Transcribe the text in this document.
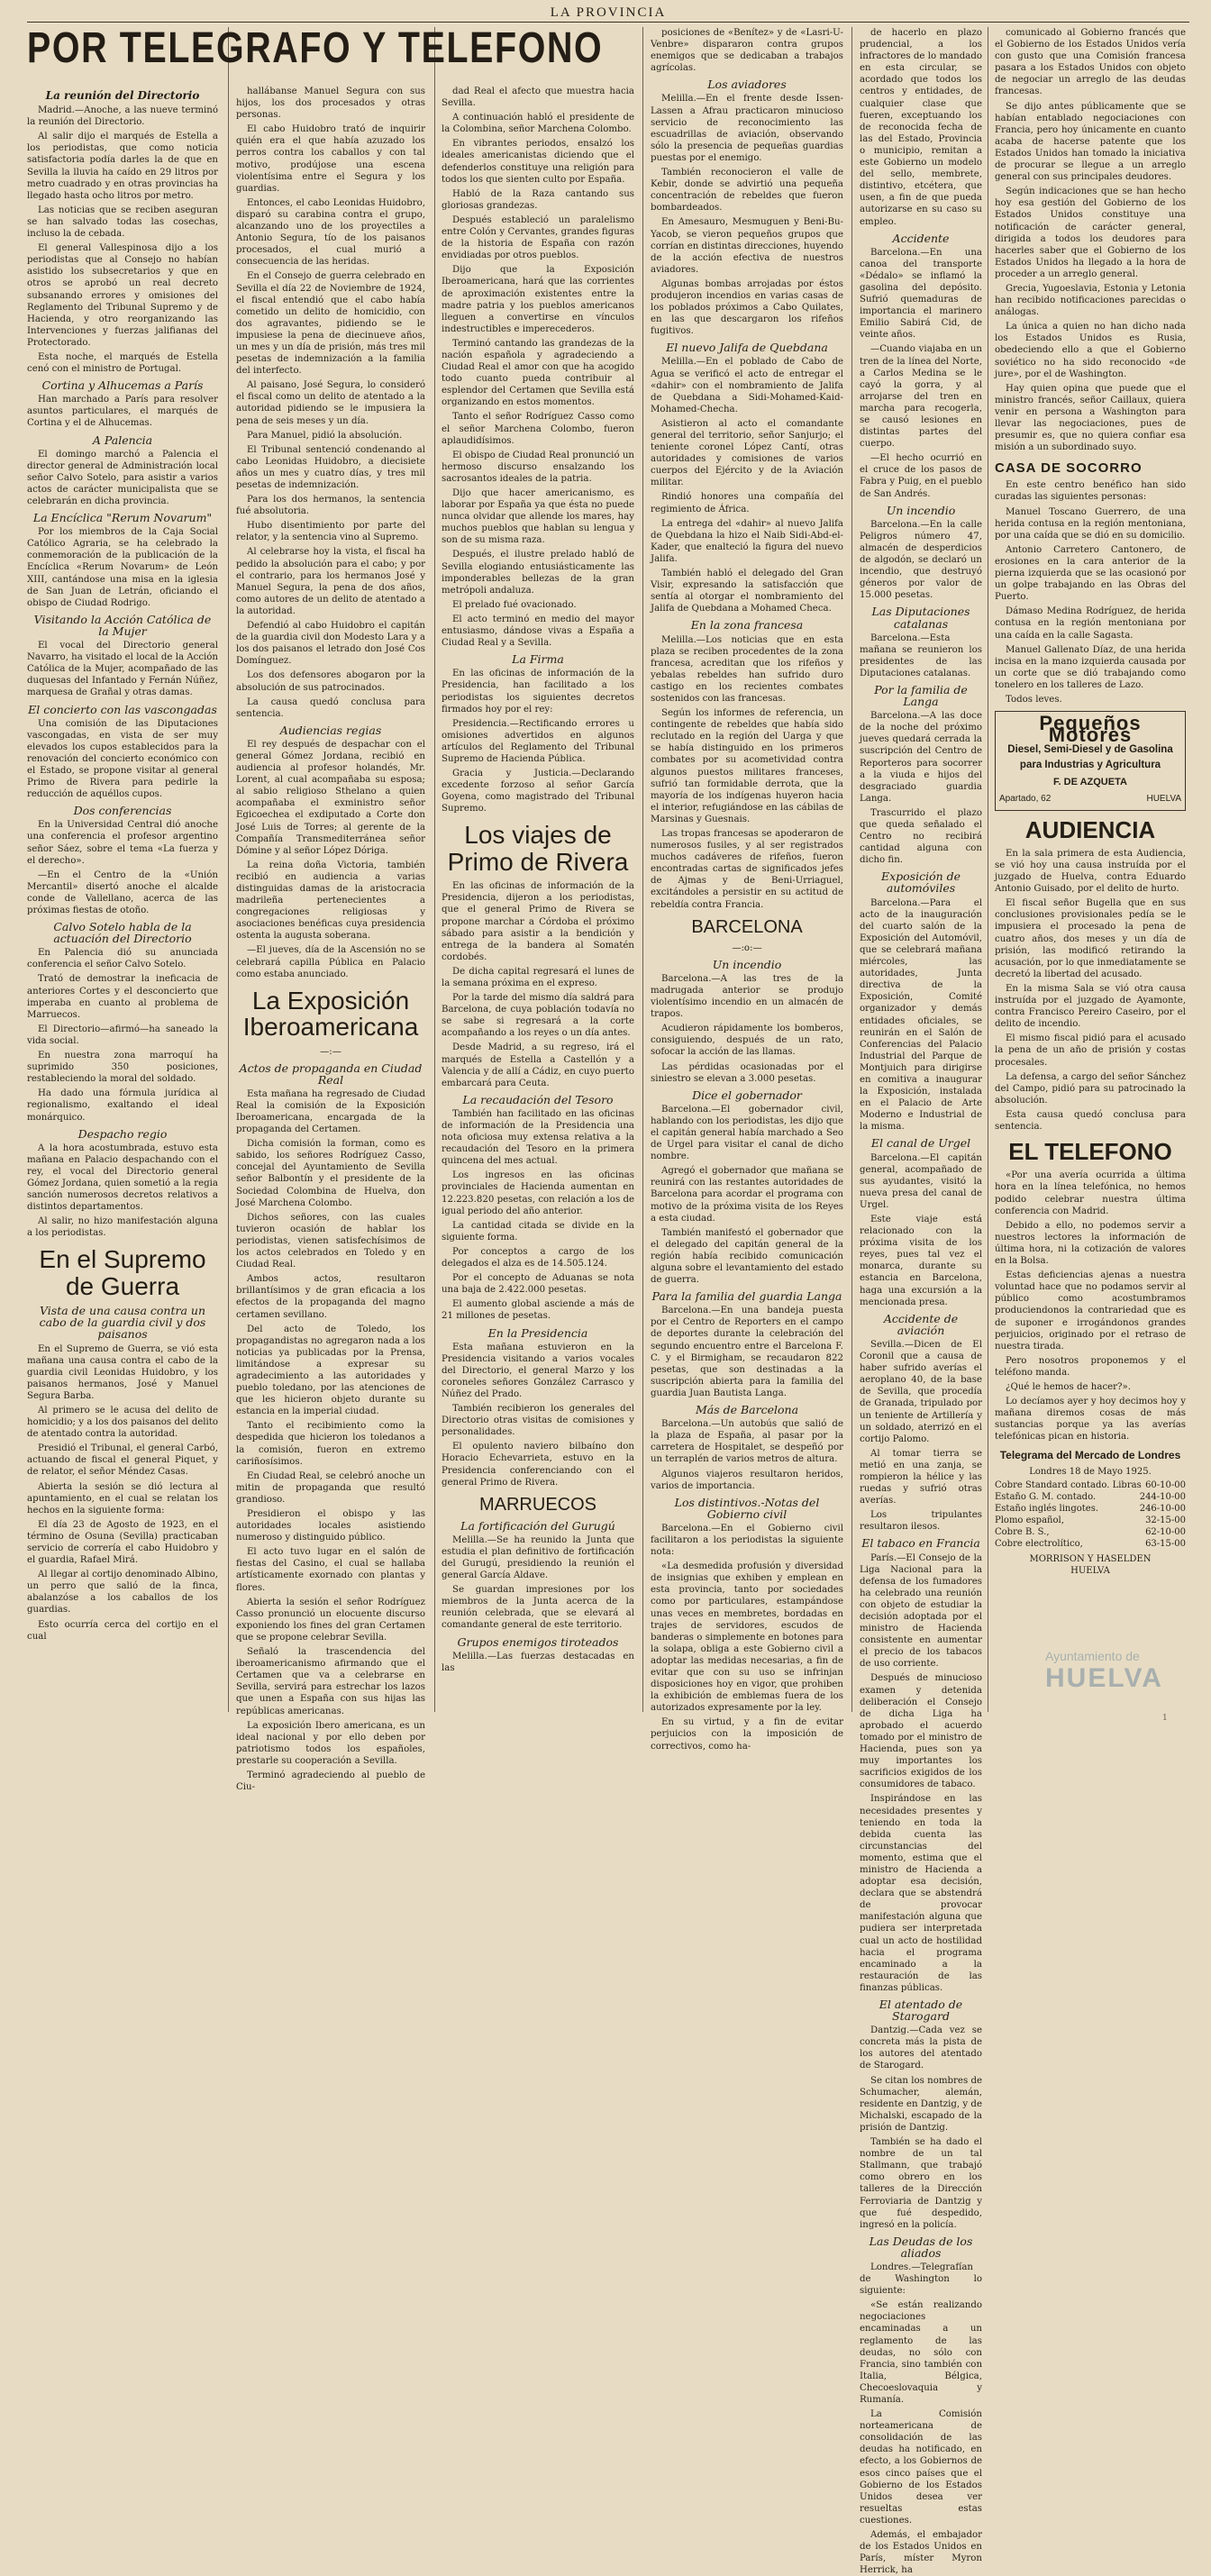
LA PROVINCIA
La reunión del Directorio

Madrid.—Anoche, a las nueve terminó la reunión del Directorio.

Al salir dijo el marqués de Estella a los periodistas, que como noticia satisfactoria podía darles la de que en Sevilla la lluvia ha caído en 29 litros por metro cuadrado y en otras provincias ha llegado hasta ocho litros por metro.

Las noticias que se reciben aseguran se han salvado todas las cosechas, incluso la de cebada.

El general Vallespinosa dijo a los periodistas que al Consejo no habían asistido los subsecretarios y que en otros se aprobó un real decreto subsanando errores y omisiones del Reglamento del Tribunal Supremo y de Hacienda, y otro reorganizando las Intervenciones y fuerzas jalifianas del Protectorado.

Esta noche, el marqués de Estella cenó con el ministro de Portugal.

Cortina y Alhucemas a París

Han marchado a París para resolver asuntos particulares, el marqués de Cortina y el de Alhucemas.

A Palencia

El domingo marchó a Palencia el director general de Administración local señor Calvo Sotelo, para asistir a varios actos de carácter municipalista que se celebrarán en dicha provincia.

La Encíclica "Rerum Novarum"

Por los miembros de la Caja Social Católico Agraria, se ha celebrado la conmemoración de la publicación de la Encíclica «Rerum Novarum» de León XIII, cantándose una misa en la iglesia de San Juan de Letrán, oficiando el obispo de Ciudad Rodrigo.

Visitando la Acción Católica de la Mujer

El vocal del Directorio general Navarro, ha visitado el local de la Acción Católica de la Mujer, acompañado de las duquesas del Infantado y Fernán Núñez, marquesa de Grañal y otras damas.

El concierto con las vascongadas

Una comisión de las Diputaciones vascongadas, en vista de ser muy elevados los cupos establecidos para la renovación del concierto económico con el Estado, se propone visitar al general Primo de Rivera para pedirle la reducción de aquéllos cupos.

Dos conferencias

En la Universidad Central dió anoche una conferencia el profesor argentino señor Sáez, sobre el tema «La fuerza y el derecho».

—En el Centro de la «Unión Mercantil» disertó anoche el alcalde conde de Vallellano, acerca de las próximas fiestas de otoño.

Calvo Sotelo habla de la actuación del Directorio

En Palencia dió su anunciada conferencia el señor Calvo Sotelo.

Trató de demostrar la ineficacia de anteriores Cortes y el desconcierto que imperaba en cuanto al problema de Marruecos.

El Directorio—afirmó—ha saneado la vida social.

En nuestra zona marroquí ha suprimido 350 posiciones, restableciendo la moral del soldado.

Ha dado una fórmula jurídica al regionalismo, exaltando el ideal monárquico.

Despacho regio

A la hora acostumbrada, estuvo esta mañana en Palacio despachando con el rey, el vocal del Directorio general Gómez Jordana, quien sometió a la regia sanción numerosos decretos relativos a distintos departamentos.

Al salir, no hizo manifestación alguna a los periodistas.

En el Supremo de Guerra
Vista de una causa contra un cabo de la guardia civil y dos paisanos

En el Supremo de Guerra, se vió esta mañana una causa contra el cabo de la guardia civil Leonidas Huidobro, y los paisanos hermanos, José y Manuel Segura Barba.

Al primero se le acusa del delito de homicidio; y a los dos paisanos del delito de atentado contra la autoridad.

Presidió el Tribunal, el general Carbó, actuando de fiscal el general Piquet, y de relator, el señor Méndez Casas.

Abierta la sesión se dió lectura al apuntamiento, en el cual se relatan los hechos en la siguiente forma:

El día 23 de Agosto de 1923, en el término de Osuna (Sevilla) practicaban servicio de correría el cabo Huidobro y el guardia, Rafael Mirá.

Al llegar al cortijo denominado Albino, un perro que salió de la finca, abalanzóse a los caballos de los guardias.

Esto ocurría cerca del cortijo en el cual

POR TELEGRAFO Y TELEFONO

hallábanse Manuel Segura con sus hijos, los dos procesados y otras personas.

El cabo Huidobro trató de inquirir quién era el que había azuzado los perros contra los caballos y con tal motivo, prodújose una escena violentísima entre el Segura y los guardias.

Entonces, el cabo Leonidas Huidobro, disparó su carabina contra el grupo, alcanzando uno de los proyectiles a Antonio Segura, tío de los paisanos procesados, el cual murió a consecuencia de las heridas.

En el Consejo de guerra celebrado en Sevilla el día 22 de Noviembre de 1924, el fiscal entendió que el cabo había cometido un delito de homicidio, con dos agravantes, pidiendo se le impusiese la pena de diecinueve años, un mes y un día de prisión, más tres mil pesetas de indemnización a la familia del interfecto.

Al paisano, José Segura, lo consideró el fiscal como un delito de atentado a la autoridad pidiendo se le impusiera la pena de seis meses y un día.

Para Manuel, pidió la absolución.

El Tribunal sentenció condenando al cabo Leonidas Huidobro, a diecisiete años un mes y cuatro días, y tres mil pesetas de indemnización.

Para los dos hermanos, la sentencia fué absolutoria.

Hubo disentimiento por parte del relator, y la sentencia vino al Supremo.

Al celebrarse hoy la vista, el fiscal ha pedido la absolución para el cabo; y por el contrario, para los hermanos José y Manuel Segura, la pena de dos años, como autores de un delito de atentado a la autoridad.

Defendió al cabo Huidobro el capitán de la guardia civil don Modesto Lara y a los dos paisanos el letrado don José Cos Domínguez.

Los dos defensores abogaron por la absolución de sus patrocinados.

La causa quedó conclusa para sentencia.

Audiencias regias

El rey después de despachar con el general Gómez Jordana, recibió en audiencia al profesor holandés, Mr. Lorent, al cual acompañaba su esposa; al sabio religioso Sthelano a quien acompañaba el exministro señor Egicoechea el exdiputado a Corte don José Luis de Torres; al gerente de la Compañía Transmediterránea señor Dómine y al señor López Dóriga.

La reina doña Victoria, también recibió en audiencia a varias distinguidas damas de la aristocracia madrileña pertenecientes a congregaciones religiosas y asociaciones benéficas cuya presidencia ostenta la augusta soberana.

—El jueves, día de la Ascensión no se celebrará capilla Pública en Palacio como estaba anunciado.

La Exposición Iberoamericana
—:—
Actos de propaganda en Ciudad Real

Esta mañana ha regresado de Ciudad Real la comisión de la Exposición Iberoamericana, encargada de la propaganda del Certamen.

Dicha comisión la forman, como es sabido, los señores Rodríguez Casso, concejal del Ayuntamiento de Sevilla señor Balbontín y el presidente de la Sociedad Colombina de Huelva, don José Marchena Colombo.

Dichos señores, con las cuales tuvieron ocasión de hablar los periodistas, vienen satisfechísimos de los actos celebrados en Toledo y en Ciudad Real.

Ambos actos, resultaron brillantísimos y de gran eficacia a los efectos de la propaganda del magno certamen sevillano.

Del acto de Toledo, los propagandistas no agregaron nada a los noticias ya publicadas por la Prensa, limitándose a expresar su agradecimiento a las autoridades y pueblo toledano, por las atenciones de que les hicieron objeto durante su estancia en la imperial ciudad.

Tanto el recibimiento como la despedida que hicieron los toledanos a la comisión, fueron en extremo cariñosísimos.

En Ciudad Real, se celebró anoche un mitin de propaganda que resultó grandioso.

Presidieron el obispo y las autoridades locales asistiendo numeroso y distinguido público.

El acto tuvo lugar en el salón de fiestas del Casino, el cual se hallaba artísticamente exornado con plantas y flores.

Abierta la sesión el señor Rodríguez Casso pronunció un elocuente discurso exponiendo los fines del gran Certamen que se propone celebrar Sevilla.

Señaló la trascendencia del iberoamericanismo afirmando que el Certamen que va a celebrarse en Sevilla, servirá para estrechar los lazos que unen a España con sus hijas las repúblicas americanas.

La exposición Ibero americana, es un ideal nacional y por ello deben por patriotismo todos los españoles, prestarle su cooperación a Sevilla.

Terminó agradeciendo al pueblo de Ciu-

dad Real el afecto que muestra hacia Sevilla.

A continuación habló el presidente de la Colombina, señor Marchena Colombo.

En vibrantes periodos, ensalzó los ideales americanistas diciendo que el defenderlos constituye una religión para todos los que sienten culto por España.

Habló de la Raza cantando sus gloriosas grandezas.

Después estableció un paralelismo entre Colón y Cervantes, grandes figuras de la historia de España con razón envidiadas por otros pueblos.

Dijo que la Exposición Iberoamericana, hará que las corrientes de aproximación existentes entre la madre patria y los pueblos americanos lleguen a convertirse en vínculos indestructibles e imperecederos.

Terminó cantando las grandezas de la nación española y agradeciendo a Ciudad Real el amor con que ha acogido todo cuanto pueda contribuir al esplendor del Certamen que Sevilla está organizando en estos momentos.

Tanto el señor Rodríguez Casso como el señor Marchena Colombo, fueron aplaudidísimos.

El obispo de Ciudad Real pronunció un hermoso discurso ensalzando los sacrosantos ideales de la patria.

Dijo que hacer americanismo, es laborar por España ya que ésta no puede nunca olvidar que allende los mares, hay muchos pueblos que hablan su lengua y son de su misma raza.

Después, el ilustre prelado habló de Sevilla elogiando entusiásticamente las imponderables bellezas de la gran metrópoli andaluza.

El prelado fué ovacionado.

El acto terminó en medio del mayor entusiasmo, dándose vivas a España a Ciudad Real y a Sevilla.

La Firma

En las oficinas de información de la Presidencia, han facilitado a los periodistas los siguientes decretos firmados hoy por el rey:

Presidencia.—Rectificando errores u omisiones advertidos en algunos artículos del Reglamento del Tribunal Supremo de Hacienda Pública.

Gracia y Justicia.—Declarando excedente forzoso al señor García Goyena, como magistrado del Tribunal Supremo.

Los viajes de Primo de Rivera

En las oficinas de información de la Presidencia, dijeron a los periodistas, que el general Primo de Rivera se propone marchar a Córdoba el próximo sábado para asistir a la bendición y entrega de la bandera al Somatén cordobés.

De dicha capital regresará el lunes de la semana próxima en el expreso.

Por la tarde del mismo día saldrá para Barcelona, de cuya población todavía no se sabe si regresará a la corte acompañando a los reyes o un día antes.

Desde Madrid, a su regreso, irá el marqués de Estella a Castellón y a Valencia y de allí a Cádiz, en cuyo puerto embarcará para Ceuta.

La recaudación del Tesoro

También han facilitado en las oficinas de información de la Presidencia una nota oficiosa muy extensa relativa a la recaudación del Tesoro en la primera quincena del mes actual.

Los ingresos en las oficinas provinciales de Hacienda aumentan en 12.223.820 pesetas, con relación a los de igual periodo del año anterior.

La cantidad citada se divide en la siguiente forma.

Por conceptos a cargo de los delegados el alza es de 14.505.124.

Por el concepto de Aduanas se nota una baja de 2.422.000 pesetas.

El aumento global asciende a más de 21 millones de pesetas.

En la Presidencia

Esta mañana estuvieron en la Presidencia visitando a varios vocales del Directorio, el general Marzo y los coroneles señores González Carrasco y Núñez del Prado.

También recibieron los generales del Directorio otras visitas de comisiones y personalidades.

El opulento naviero bilbaíno don Horacio Echevarrieta, estuvo en la Presidencia conferenciando con el general Primo de Rivera.

MARRUECOS
La fortificación del Gurugú

Melilla.—Se ha reunido la Junta que estudia el plan definitivo de fortificación del Gurugú, presidiendo la reunión el general García Aldave.

Se guardan impresiones por los miembros de la Junta acerca de la reunión celebrada, que se elevará al comandante general de este territorio.

Grupos enemigos tiroteados

Melilla.—Las fuerzas destacadas en las

posiciones de «Benítez» y de «Lasri-U-Venbre» dispararon contra grupos enemigos que se dedicaban a trabajos agrícolas.

Los aviadores

Melilla.—En el frente desde Issen-Lassen a Afrau practicaron minucioso servicio de reconocimiento las escuadrillas de aviación, observando sólo la presencia de pequeñas guardias puestas por el enemigo.

También reconocieron el valle de Kebir, donde se advirtió una pequeña concentración de rebeldes que fueron bombardeados.

En Amesauro, Mesmuguen y Beni-Bu-Yacob, se vieron pequeños grupos que corrían en distintas direcciones, huyendo de la acción efectiva de nuestros aviadores.

Algunas bombas arrojadas por éstos produjeron incendios en varias casas de los poblados próximos a Cabo Quilates, en las que descargaron los rifeños fugitivos.

El nuevo Jalifa de Quebdana

Melilla.—En el poblado de Cabo de Agua se verificó el acto de entregar el «dahir» con el nombramiento de Jalifa de Quebdana a Sidi-Mohamed-Kaid-Mohamed-Checha.

Asistieron al acto el comandante general del territorio, señor Sanjurjo; el teniente coronel López Cantí, otras autoridades y comisiones de varios cuerpos del Ejército y de la Aviación militar.

Rindió honores una compañía del regimiento de África.

La entrega del «dahir» al nuevo Jalifa de Quebdana la hizo el Naib Sidi-Abd-el-Kader, que enalteció la figura del nuevo Jalifa.

También habló el delegado del Gran Visir, expresando la satisfacción que sentía al otorgar el nombramiento del Jalifa de Quebdana a Mohamed Checa.

En la zona francesa

Melilla.—Los noticias que en esta plaza se reciben procedentes de la zona francesa, acreditan que los rifeños y yebalas rebeldes han sufrido duro castigo en los recientes combates sostenidos con las francesas.

Según los informes de referencia, un contingente de rebeldes que había sido reclutado en la región del Uarga y que se había distinguido en los primeros combates por su acometividad contra algunos puestos militares franceses, sufrió tan formidable derrota, que la mayoría de los indígenas huyeron hacia el interior, refugiándose en las cábilas de Marsinas y Guesnais.

Las tropas francesas se apoderaron de numerosos fusiles, y al ser registrados muchos cadáveres de rifeños, fueron encontradas cartas de significados jefes de Ajmas y de Beni-Urriaguel, excitándoles a persistir en su actitud de rebeldía contra Francia.

BARCELONA
—:o:—
Un incendio

Barcelona.—A las tres de la madrugada anterior se produjo violentísimo incendio en un almacén de trapos.

Acudieron rápidamente los bomberos, consiguiendo, después de un rato, sofocar la acción de las llamas.

Las pérdidas ocasionadas por el siniestro se elevan a 3.000 pesetas.

Dice el gobernador

Barcelona.—El gobernador civil, hablando con los periodistas, les dijo que el capitán general había marchado a Seo de Urgel para visitar el canal de dicho nombre.

Agregó el gobernador que mañana se reunirá con las restantes autoridades de Barcelona para acordar el programa con motivo de la próxima visita de los Reyes a esta ciudad.

También manifestó el gobernador que el delegado del capitán general de la región había recibido comunicación alguna sobre el levantamiento del estado de guerra.

Para la familia del guardia Langa

Barcelona.—En una bandeja puesta por el Centro de Reporters en el campo de deportes durante la celebración del segundo encuentro entre el Barcelona F. C. y el Birmigham, se recaudaron 822 pesetas, que son destinadas a la suscripción abierta para la familia del guardia Juan Bautista Langa.

Más de Barcelona

Barcelona.—Un autobús que salió de la plaza de España, al pasar por la carretera de Hospitalet, se despeñó por un terraplén de varios metros de altura.

Algunos viajeros resultaron heridos, varios de importancia.

Los distintivos.-Notas del Gobierno civil

Barcelona.—En el Gobierno civil facilitaron a los periodistas la siguiente nota:

«La desmedida profusión y diversidad de insignias que exhiben y emplean en esta provincia, tanto por sociedades como por particulares, estampándose unas veces en membretes, bordadas en trajes de servidores, escudos de banderas o simplemente en botones para la solapa, obliga a este Gobierno civil a adoptar las medidas necesarias, a fin de evitar que con su uso se infrinjan disposiciones hoy en vigor, que prohiben la exhibición de emblemas fuera de los autorizados expresamente por la ley.

En su virtud, y a fin de evitar perjuicios con la imposición de correctivos, como ha-

de hacerlo en plazo prudencial, a los infractores de lo mandado en esta circular, se acordado que todos los centros y entidades, de cualquier clase que fueren, exceptuando los de reconocida fecha de las del Estado, Provincia o municipio, remitan a este Gobierno un modelo del sello, membrete, distintivo, etcétera, que usen, a fin de que pueda autorizarse en su caso su empleo.

Accidente

Barcelona.—En una canoa del transporte «Dédalo» se inflamó la gasolina del depósito. Sufrió quemaduras de importancia el marinero Emilio Sabirá Cid, de veinte años.

—Cuando viajaba en un tren de la línea del Norte, a Carlos Medina se le cayó la gorra, y al arrojarse del tren en marcha para recogerla, se causó lesiones en distintas partes del cuerpo.

—El hecho ocurrió en el cruce de los pasos de Fabra y Puig, en el pueblo de San Andrés.

Un incendio

Barcelona.—En la calle Peligros número 47, almacén de desperdicios de algodón, se declaró un incendio, que destruyó géneros por valor de 15.000 pesetas.

Las Diputaciones catalanas

Barcelona.—Esta mañana se reunieron los presidentes de las Diputaciones catalanas.

Por la familia de Langa

Barcelona.—A las doce de la noche del próximo jueves quedará cerrada la suscripción del Centro de Reporteros para socorrer a la viuda e hijos del desgraciado guardia Langa.

Trascurrido el plazo que queda señalado el Centro no recibirá cantidad alguna con dicho fin.

Exposición de automóviles

Barcelona.—Para el acto de la inauguración del cuarto salón de la Exposición del Automóvil, que se celebrará mañana miércoles, las autoridades, Junta directiva de la Exposición, Comité organizador y demás entidades oficiales, se reunirán en el Salón de Conferencias del Palacio Industrial del Parque de Montjuich para dirigirse en comitiva a inaugurar la Exposición, instalada en el Palacio de Arte Moderno e Industrial de la misma.

El canal de Urgel

Barcelona.—El capitán general, acompañado de sus ayudantes, visitó la nueva presa del canal de Urgel.

Este viaje está relacionado con la próxima visita de los reyes, pues tal vez el monarca, durante su estancia en Barcelona, haga una excursión a la mencionada presa.

Accidente de aviación

Sevilla.—Dicen de El Coronil que a causa de haber sufrido averías el aeroplano 40, de la base de Sevilla, que procedía de Granada, tripulado por un teniente de Artillería y un soldado, aterrizó en el cortijo Palomo.

Al tomar tierra se metió en una zanja, se rompieron la hélice y las ruedas y sufrió otras averías.

Los tripulantes resultaron ilesos.

El tabaco en Francia

París.—El Consejo de la Liga Nacional para la defensa de los fumadores ha celebrado una reunión con objeto de estudiar la decisión adoptada por el ministro de Hacienda consistente en aumentar el precio de los tabacos de uso corriente.

Después de minucioso examen y detenida deliberación el Consejo de dicha Liga ha aprobado el acuerdo tomado por el ministro de Hacienda, pues son ya muy importantes los sacrificios exigidos de los consumidores de tabaco.

Inspirándose en las necesidades presentes y teniendo en toda la debida cuenta las circunstancias del momento, estima que el ministro de Hacienda a adoptar esa decisión, declara que se abstendrá de provocar manifestación alguna que pudiera ser interpretada cual un acto de hostilidad hacia el programa encaminado a la restauración de las finanzas públicas.

El atentado de Starogard

Dantzig.—Cada vez se concreta más la pista de los autores del atentado de Starogard.

Se citan los nombres de Schumacher, alemán, residente en Dantzig, y de Michalski, escapado de la prisión de Dantzig.

También se ha dado el nombre de un tal Stallmann, que trabajó como obrero en los talleres de la Dirección Ferroviaria de Dantzig y que fué despedido, ingresó en la policía.

Las Deudas de los aliados

Londres.—Telegrafían de Washington lo siguiente:

«Se están realizando negociaciones encaminadas a un reglamento de las deudas, no sólo con Francia, sino también con Italia, Bélgica, Checoeslovaquia y Rumanía.

La Comisión norteamericana de consolidación de las deudas ha notificado, en efecto, a los Gobiernos de esos cinco países que el Gobierno de los Estados Unidos desea ver resueltas estas cuestiones.

Además, el embajador de los Estados Unidos en París, míster Myron Herrick, ha

comunicado al Gobierno francés que el Gobierno de los Estados Unidos vería con gusto que una Comisión francesa pasara a los Estados Unidos con objeto de negociar un arreglo de las deudas francesas.

Se dijo antes públicamente que se habían entablado negociaciones con Francia, pero hoy únicamente en cuanto acaba de hacerse patente que los Estados Unidos han tomado la iniciativa de procurar se llegue a un arreglo general con sus principales deudores.

Según indicaciones que se han hecho hoy esa gestión del Gobierno de los Estados Unidos constituye una notificación de carácter general, dirigida a todos los deudores para hacerles saber que el Gobierno de los Estados Unidos ha llegado a la hora de proceder a un arreglo general.

Grecia, Yugoeslavia, Estonia y Letonia han recibido notificaciones parecidas o análogas.

La única a quien no han dicho nada los Estados Unidos es Rusia, obedeciendo ello a que el Gobierno soviético no ha sido reconocido «de jure», por el de Washington.

Hay quien opina que puede que el ministro francés, señor Caillaux, quiera venir en persona a Washington para llevar las negociaciones, pues de presumir es, que no quiera confiar esa misión a un subordinado suyo.

CASA DE SOCORRO

En este centro benéfico han sido curadas las siguientes personas:

Manuel Toscano Guerrero, de una herida contusa en la región mentoniana, por una caída que se dió en su domicilio.

Antonio Carretero Cantonero, de erosiones en la cara anterior de la pierna izquierda que se las ocasionó por un golpe trabajando en las Obras del Puerto.

Dámaso Medina Rodríguez, de herida contusa en la región mentoniana por una caída en la calle Sagasta.

Manuel Gallenato Díaz, de una herida incisa en la mano izquierda causada por un corte que se dió trabajando como tonelero en los talleres de Lazo.

Todos leves.

Pequeños Motores
Diesel, Semi-Diesel y de Gasolina
para Industrias y Agricultura
F. DE AZQUETA
Apartado, 62	HUELVA
AUDIENCIA

En la sala primera de esta Audiencia, se vió hoy una causa instruída por el juzgado de Huelva, contra Eduardo Antonio Guisado, por el delito de hurto.

El fiscal señor Bugella que en sus conclusiones provisionales pedía se le impusiera el procesado la pena de cuatro años, dos meses y un día de prisión, las modificó retirando la acusación, por lo que inmediatamente se decretó la libertad del acusado.

En la misma Sala se vió otra causa instruída por el juzgado de Ayamonte, contra Francisco Pereiro Caseiro, por el delito de incendio.

El mismo fiscal pidió para el acusado la pena de un año de prisión y costas procesales.

La defensa, a cargo del señor Sánchez del Campo, pidió para su patrocinado la absolución.

Esta causa quedó conclusa para sentencia.

EL TELEFONO

«Por una avería ocurrida a última hora en la línea telefónica, no hemos podido celebrar nuestra última conferencia con Madrid.

Debido a ello, no podemos servir a nuestros lectores la información de última hora, ni la cotización de valores en la Bolsa.

Estas deficiencias ajenas a nuestra voluntad hace que no podamos servir al público como acostumbramos produciendonos la contrariedad que es de suponer e irrogándonos grandes perjuicios, originado por el retraso de nuestra tirada.

Pero nosotros proponemos y el teléfono manda.

¿Qué le hemos de hacer?».

Lo decíamos ayer y hoy decimos hoy y mañana diremos cosas de más sustancias porque ya las averías telefónicas pican en historia.

Telegrama del Mercado de Londres
Londres 18 de Mayo 1925.
Cobre Standard contado. Libras 60-10-00
Estaño G. M. contado.	244-10-00
Estaño inglés lingotes.	246-10-00
Plomo español,	32-15-00
Cobre B. S.,	62-10-00
Cobre electrolítico,	63-15-00
MORRISON Y HASELDEN
HUELVA
Ayuntamiento de
HUELVA
1
